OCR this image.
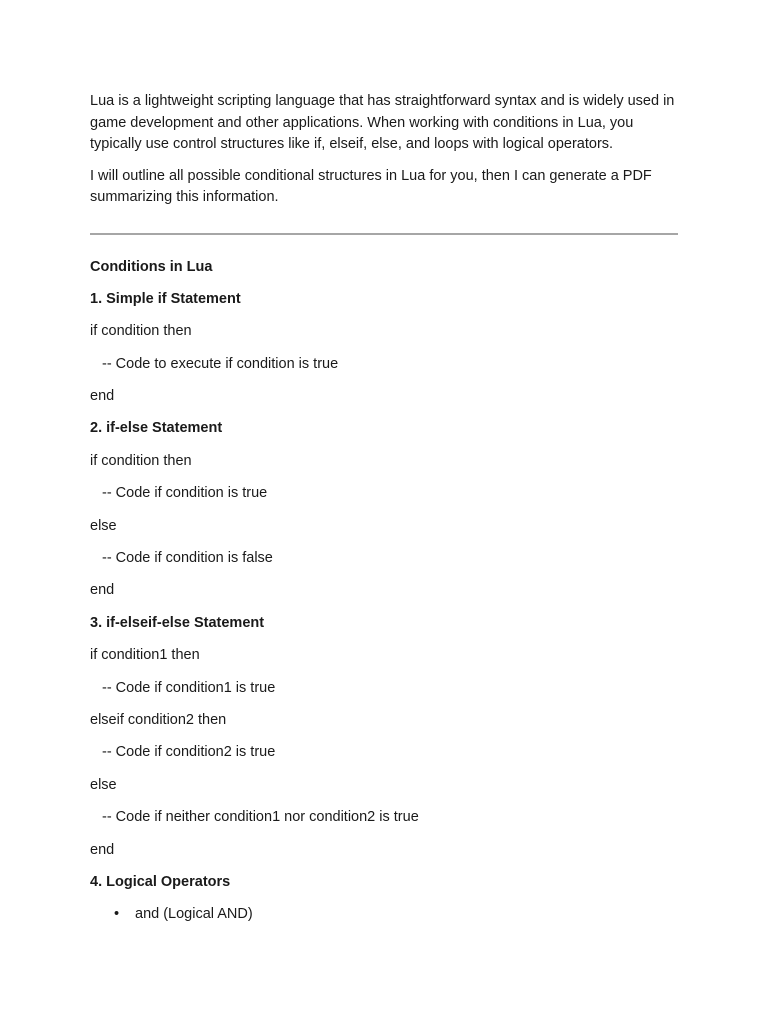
Lua is a lightweight scripting language that has straightforward syntax and is widely used in game development and other applications. When working with conditions in Lua, you typically use control structures like if, elseif, else, and loops with logical operators.

I will outline all possible conditional structures in Lua for you, then I can generate a PDF summarizing this information.

Conditions in Lua
1. Simple if Statement
if condition then
-- Code to execute if condition is true
end
2. if-else Statement
if condition then
-- Code if condition is true
else
-- Code if condition is false
end
3. if-elseif-else Statement
if condition1 then
-- Code if condition1 is true
elseif condition2 then
-- Code if condition2 is true
else
-- Code if neither condition1 nor condition2 is true
end
4. Logical Operators
• and (Logical AND)
